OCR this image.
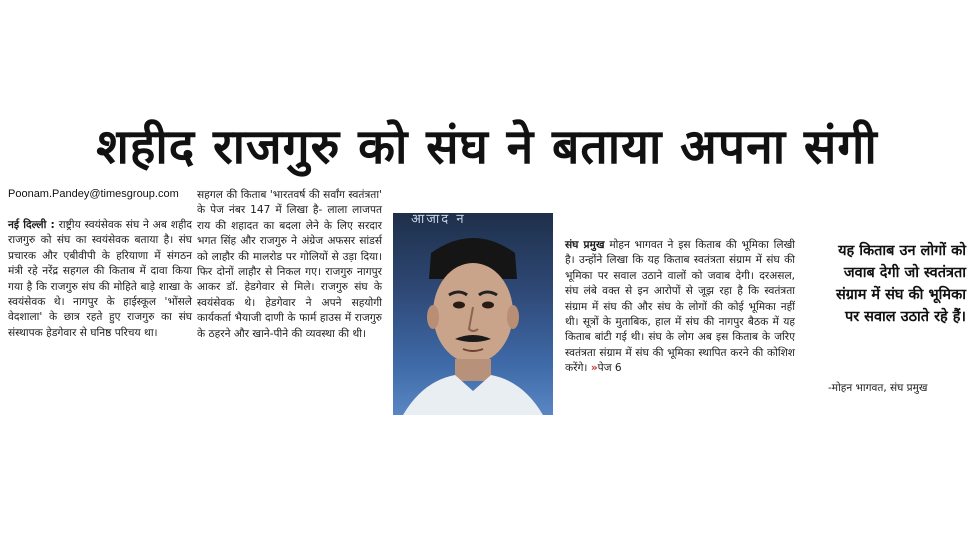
शहीद राजगुरु को संघ ने बताया अपना संगी
Poonam.Pandey@timesgroup.com
नई दिल्ली : राष्ट्रीय स्वयंसेवक संघ ने अब शहीद राजगुरु को संघ का स्वयंसेवक बताया है। संघ प्रचारक और एबीवीपी के हरियाणा में संगठन मंत्री रहे नरेंद्र सहगल की किताब में दावा किया गया है कि राजगुरु संघ की मोहिते बाड़े शाखा के स्वयंसेवक थे। नागपुर के हाईस्कूल 'भोंसले वेदशाला' के छात्र रहते हुए राजगुरु का संघ संस्थापक हेडगेवार से घनिष्ठ परिचय था।
सहगल की किताब 'भारतवर्ष की सर्वांग स्वतंत्रता' के पेज नंबर 147 में लिखा है- लाला लाजपत राय की शहादत का बदला लेने के लिए सरदार भगत सिंह और राजगुरु ने अंग्रेज अफसर सांडर्स को लाहौर की मालरोड पर गोलियों से उड़ा दिया। फिर दोनों लाहौर से निकल गए। राजगुरु नागपुर आकर डॉ. हेडगेवार से मिले। राजगुरु संघ के स्वयंसेवक थे। हेडगेवार ने अपने सहयोगी कार्यकर्ता भैयाजी दाणी के फार्म हाउस में राजगुरु के ठहरने और खाने-पीने की व्यवस्था की थी।
आजाद न
संघ प्रमुख मोहन भागवत ने इस किताब की भूमिका लिखी है। उन्होंने लिखा कि यह किताब स्वतंत्रता संग्राम में संघ की भूमिका पर सवाल उठाने वालों को जवाब देगी। दरअसल, संघ लंबे वक्त से इन आरोपों से जूझ रहा है कि स्वतंत्रता संग्राम में संघ की और संघ के लोगों की कोई भूमिका नहीं थी। सूत्रों के मुताबिक, हाल में संघ की नागपुर बैठक में यह किताब बांटी गई थी। संघ के लोग अब इस किताब के जरिए स्वतंत्रता संग्राम में संघ की भूमिका स्थापित करने की कोशिश करेंगे। »पेज 6
यह किताब उन लोगों को जवाब देगी जो स्वतंत्रता संग्राम में संघ की भूमिका पर सवाल उठाते रहे हैं।
-मोहन भागवत, संघ प्रमुख
